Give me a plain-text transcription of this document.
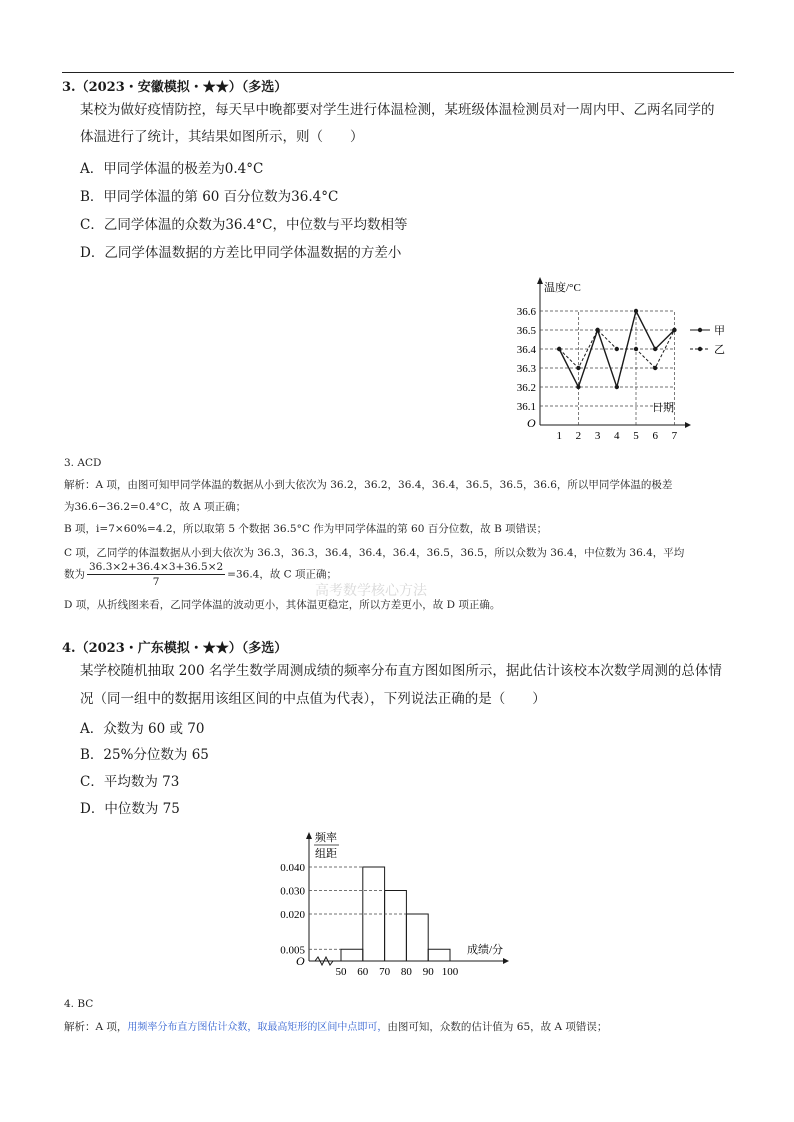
3.（2023・安徽模拟・★★）（多选）
某校为做好疫情防控，每天早中晚都要对学生进行体温检测，某班级体温检测员对一周内甲、乙两名同学的
体温进行了统计，其结果如图所示，则（　　）
A．甲同学体温的极差为0.4°C
B．甲同学体温的第 60 百分位数为36.4°C
C．乙同学体温的众数为36.4°C，中位数与平均数相等
D．乙同学体温数据的方差比甲同学体温数据的方差小
O
温度/°C
日期
36.1
36.2
36.3
36.4
36.5
36.6
1 2 3 4 5 6 7
甲
乙
3. ACD
解析：A 项，由图可知甲同学体温的数据从小到大依次为 36.2，36.2，36.4，36.4，36.5，36.5，36.6，所以甲同学体温的极差
为36.6−36.2=0.4°C，故 A 项正确；
B 项，i=7×60%=4.2，所以取第 5 个数据 36.5°C 作为甲同学体温的第 60 百分位数，故 B 项错误；
C 项，乙同学的体温数据从小到大依次为 36.3，36.3，36.4，36.4，36.4，36.5，36.5，所以众数为 36.4，中位数为 36.4，平均
数为 $\frac{36.3\times 2+36.4\times 3+36.5\times 2}{7} =36.4$，故 C 项正确；
高考数学核心方法
D 项，从折线图来看，乙同学体温的波动更小，其体温更稳定，所以方差更小，故 D 项正确。
4.（2023・广东模拟・★★）（多选）
某学校随机抽取 200 名学生数学周测成绩的频率分布直方图如图所示，据此估计该校本次数学周测的总体情
况（同一组中的数据用该组区间的中点值为代表），下列说法正确的是（　　）
A．众数为 60 或 70
B．25%分位数为 65
C．平均数为 73
D．中位数为 75
O
频率
组距
成绩/分
0.005
0.020
0.030
0.040
50 60 70 80 90 100
4. BC
解析：A 项，用频率分布直方图估计众数，取最高矩形的区间中点即可，由图可知，众数的估计值为 65，故 A 项错误；
